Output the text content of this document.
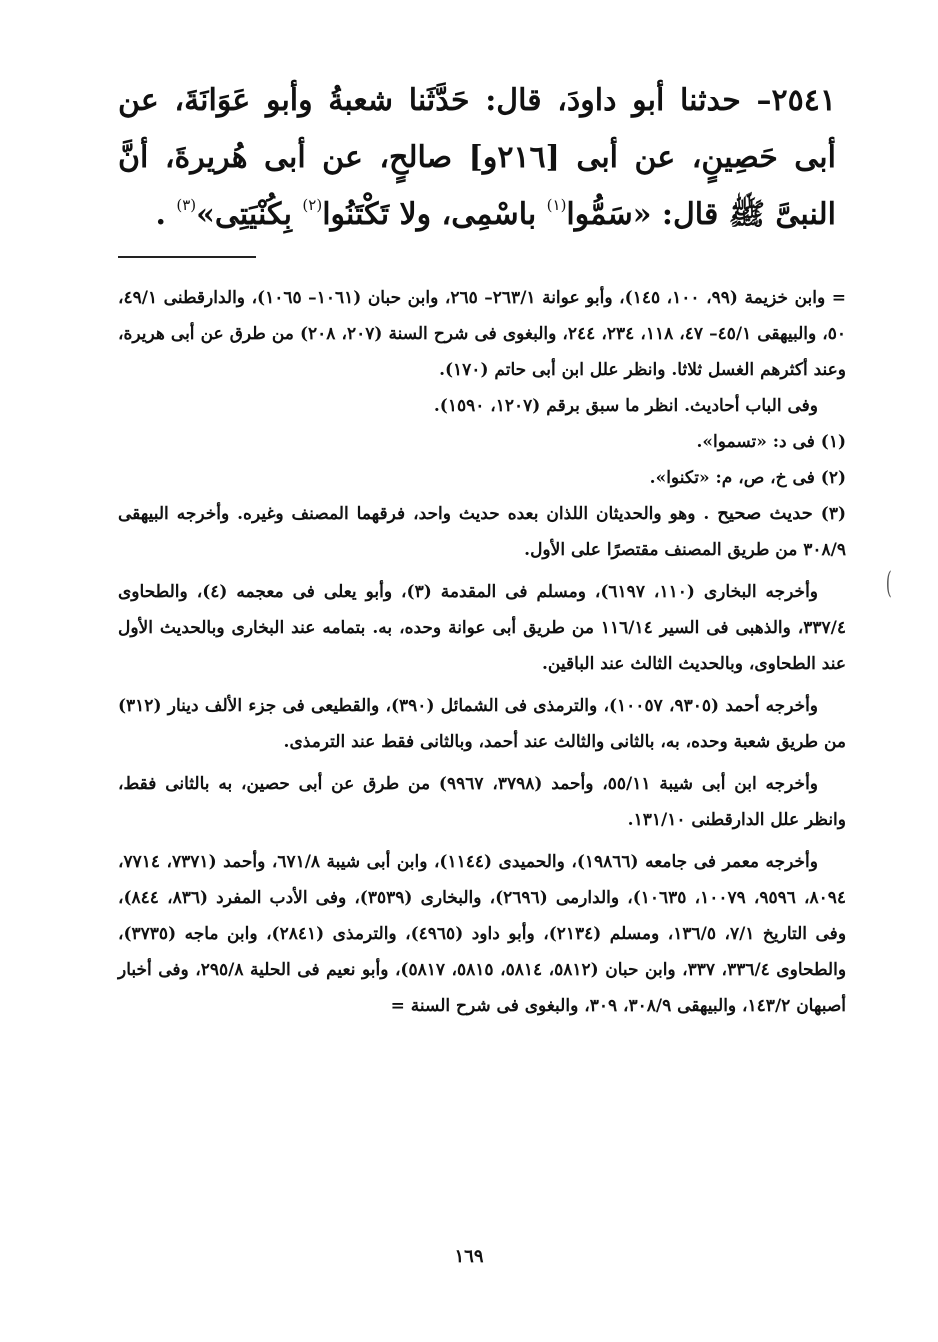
٢٥٤١– حدثنا أبو داودَ، قال: حَدَّثَنا شعبةُ وأبو عَوَانَةَ، عن أبى حَصِينٍ، عن أبى [٢١٦و] صالحٍ، عن أبى هُريرةَ، أنَّ النبىَّ ﷺ قال: «سَمُّوا$^{(١)}$ باسْمِى، ولا تَكْتَنُوا$^{(٢)}$ بِكُنْيَتِى»$^{(٣)}$ .

= وابن خزيمة (٩٩، ١٠٠، ١٤٥)، وأبو عوانة ٢٦٣/١– ٢٦٥، وابن حبان (١٠٦١– ١٠٦٥)، والدارقطنى ٤٩/١، ٥٠، والبيهقى ٤٥/١– ٤٧، ١١٨، ٢٣٤، ٢٤٤، والبغوى فى شرح السنة (٢٠٧، ٢٠٨) من طرق عن أبى هريرة، وعند أكثرهم الغسل ثلاثا. وانظر علل ابن أبى حاتم (١٧٠).

وفى الباب أحاديث. انظر ما سبق برقم (١٢٠٧، ١٥٩٠).

(١) فى د: «تسموا».

(٢) فى خ، ص، م: «تكنوا».

(٣) حديث صحيح . وهو والحديثان اللذان بعده حديث واحد، فرقهما المصنف وغيره. وأخرجه البيهقى ٣٠٨/٩ من طريق المصنف مقتصرًا على الأول.

وأخرجه البخارى (١١٠، ٦١٩٧)، ومسلم فى المقدمة (٣)، وأبو يعلى فى معجمه (٤)، والطحاوى ٣٣٧/٤، والذهبى فى السير ١١٦/١٤ من طريق أبى عوانة وحده، به. بتمامه عند البخارى وبالحديث الأول عند الطحاوى، وبالحديث الثالث عند الباقين.

وأخرجه أحمد (٩٣٠٥، ١٠٠٥٧)، والترمذى فى الشمائل (٣٩٠)، والقطيعى فى جزء الألف دينار (٣١٢) من طريق شعبة وحده، به، بالثانى والثالث عند أحمد، وبالثانى فقط عند الترمذى.

وأخرجه ابن أبى شيبة ٥٥/١١، وأحمد (٣٧٩٨، ٩٩٦٧) من طرق عن أبى حصين، به بالثانى فقط، وانظر علل الدارقطنى ١٣١/١٠.

وأخرجه معمر فى جامعه (١٩٨٦٦)، والحميدى (١١٤٤)، وابن أبى شيبة ٦٧١/٨، وأحمد (٧٣٧١، ٧٧١٤، ٨٠٩٤، ٩٥٩٦، ١٠٠٧٩، ١٠٦٣٥)، والدارمى (٢٦٩٦)، والبخارى (٣٥٣٩)، وفى الأدب المفرد (٨٣٦، ٨٤٤)، وفى التاريخ ٧/١، ١٣٦/٥، ومسلم (٢١٣٤)، وأبو داود (٤٩٦٥)، والترمذى (٢٨٤١)، وابن ماجه (٣٧٣٥)، والطحاوى ٣٣٦/٤، ٣٣٧، وابن حبان (٥٨١٢، ٥٨١٤، ٥٨١٥، ٥٨١٧)، وأبو نعيم فى الحلية ٢٩٥/٨، وفى أخبار أصبهان ١٤٣/٢، والبيهقى ٣٠٨/٩، ٣٠٩، والبغوى فى شرح السنة =

(
١٦٩
